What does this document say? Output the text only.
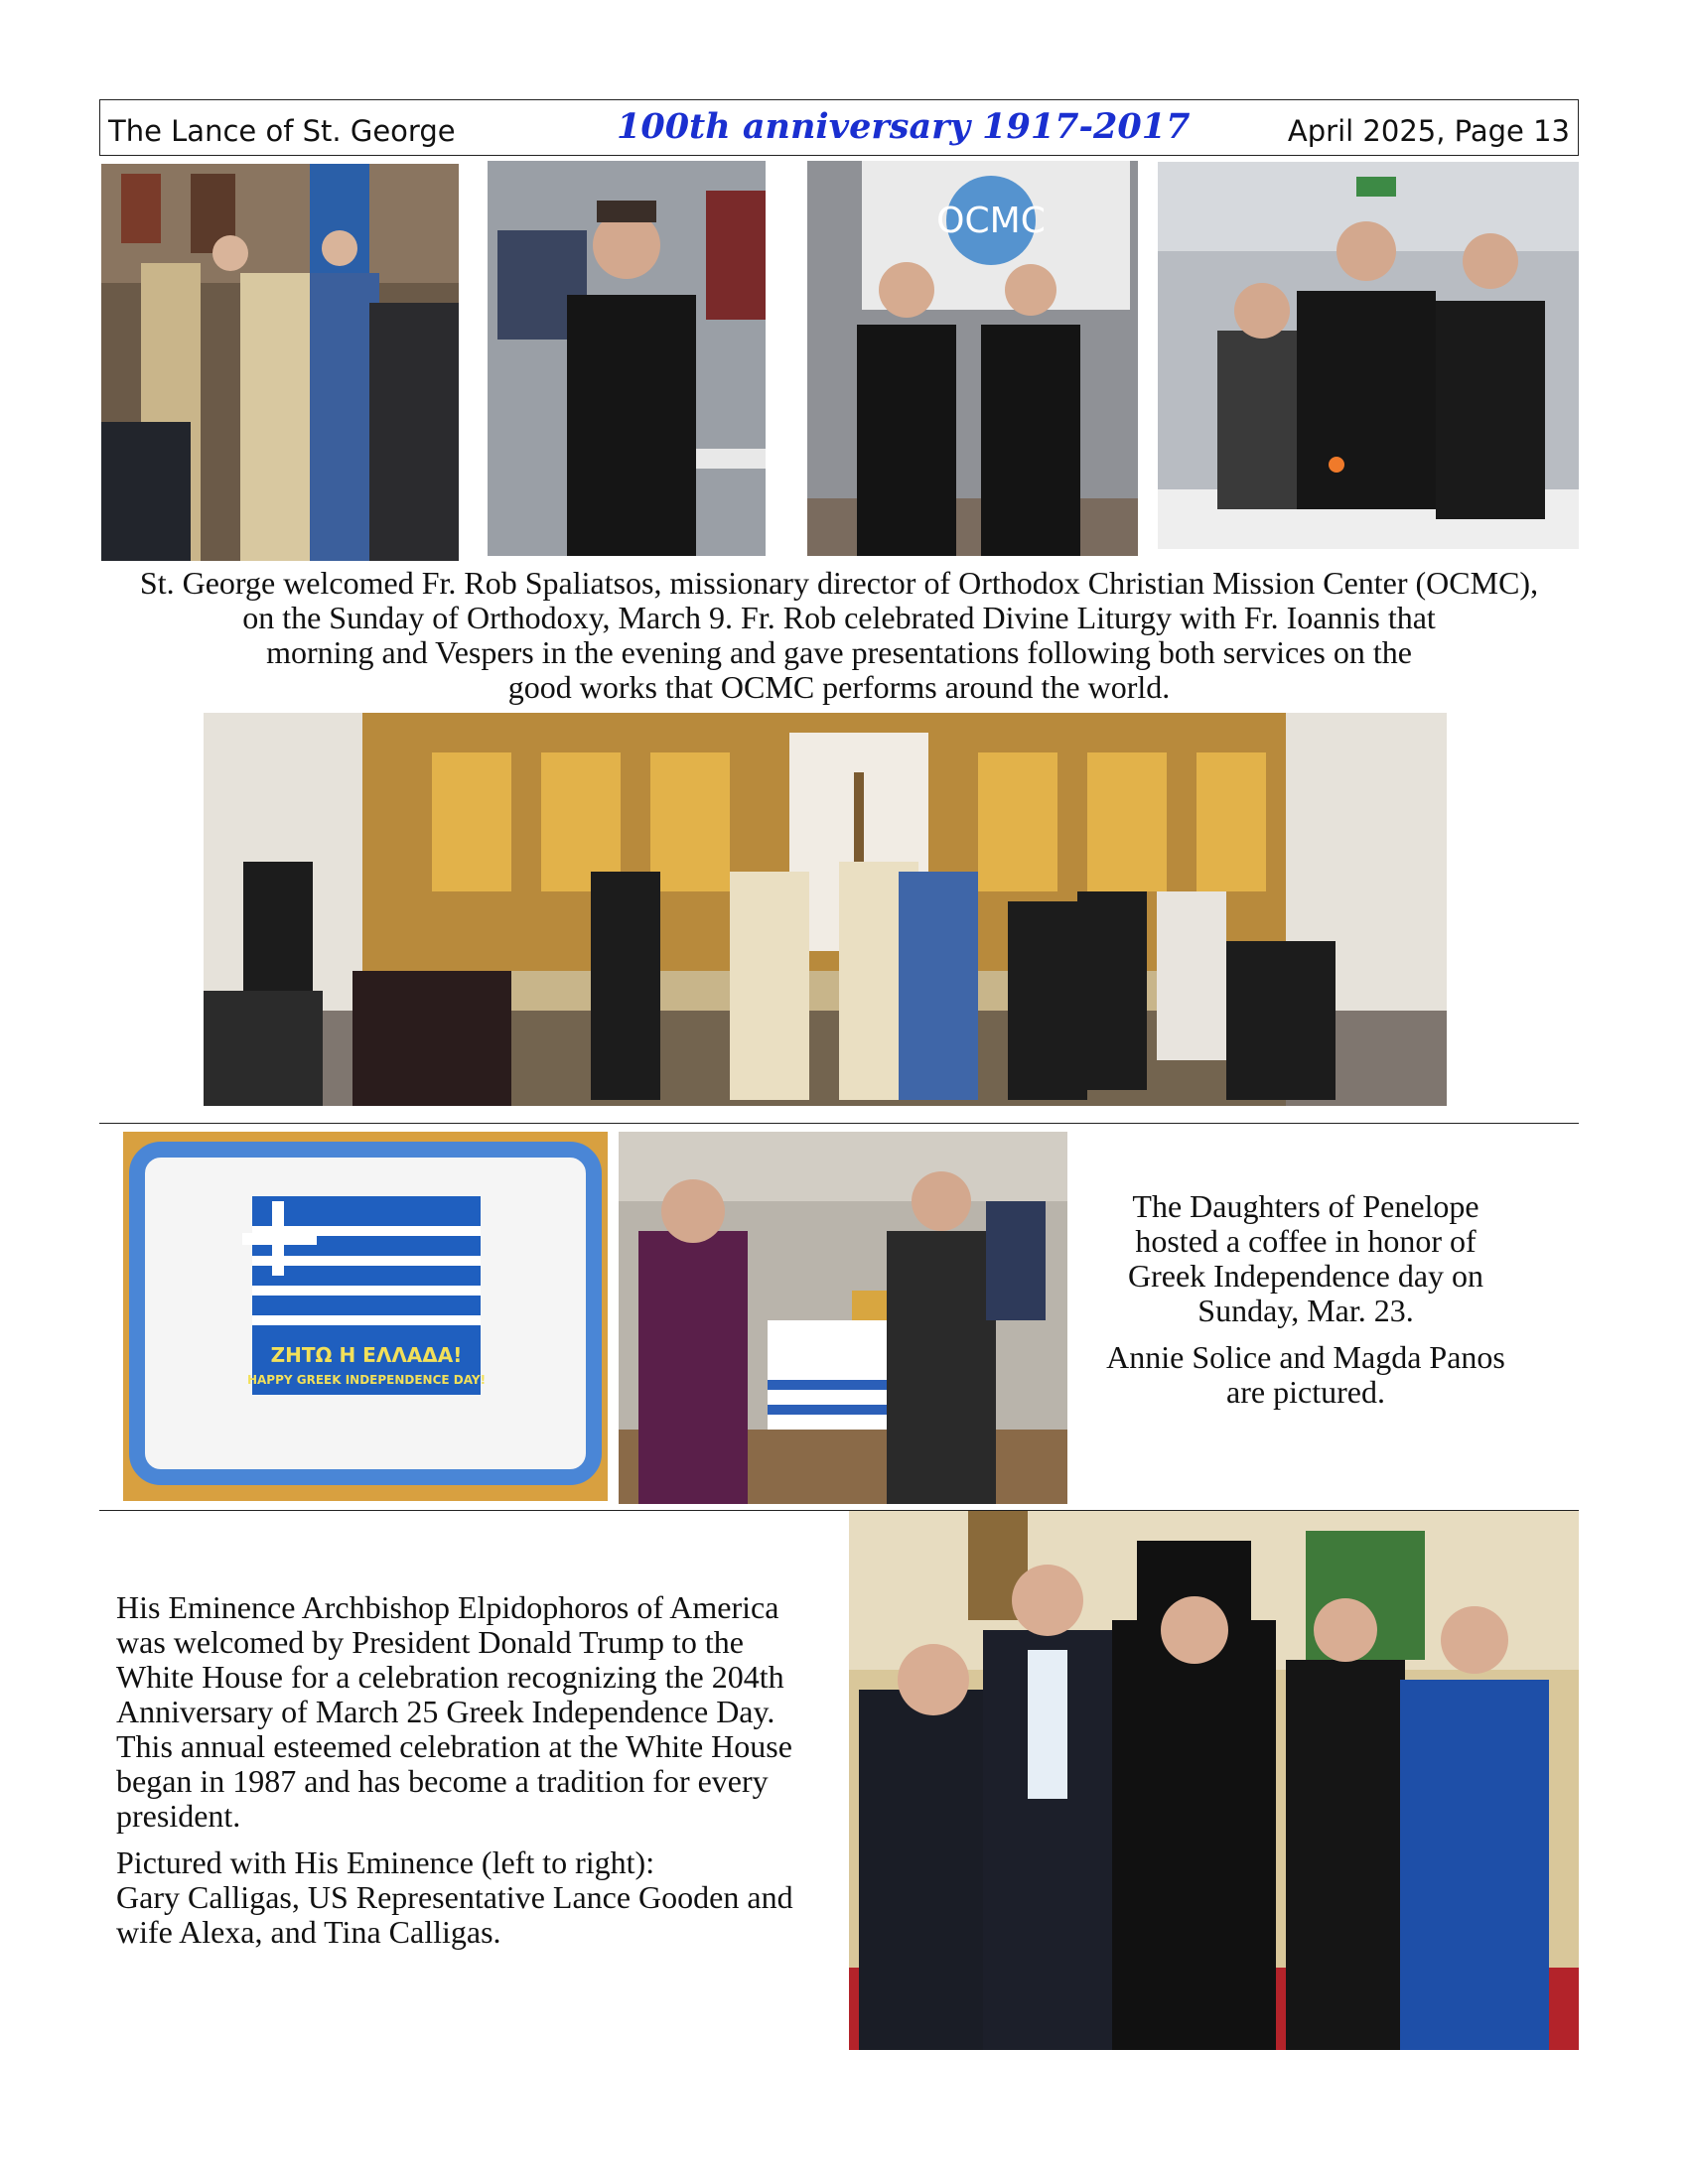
The Lance of St. George	100th anniversary 1917-2017	April 2025, Page 13
OCMC

St. George welcomed Fr. Rob Spaliatsos, missionary director of Orthodox Christian Mission Center (OCMC),

on the Sunday of Orthodoxy, March 9. Fr. Rob celebrated Divine Liturgy with Fr. Ioannis that

morning and Vespers in the evening and gave presentations following both services on the

good works that OCMC performs around the world.

ΖΗΤΩ Η ΕΛΛΑΔΑ!
HAPPY GREEK INDEPENDENCE DAY!

The Daughters of Penelope

hosted a coffee in honor of

Greek Independence day on

Sunday, Mar. 23.

Annie Solice and Magda Panos

are pictured.

His Eminence Archbishop Elpidophoros of America

was welcomed by President Donald Trump to the

White House for a celebration recognizing the 204th

Anniversary of March 25 Greek Independence Day.

This annual esteemed celebration at the White House

began in 1987 and has become a tradition for every

president.

Pictured with His Eminence (left to right):

Gary Calligas, US Representative Lance Gooden and

wife Alexa, and Tina Calligas.
